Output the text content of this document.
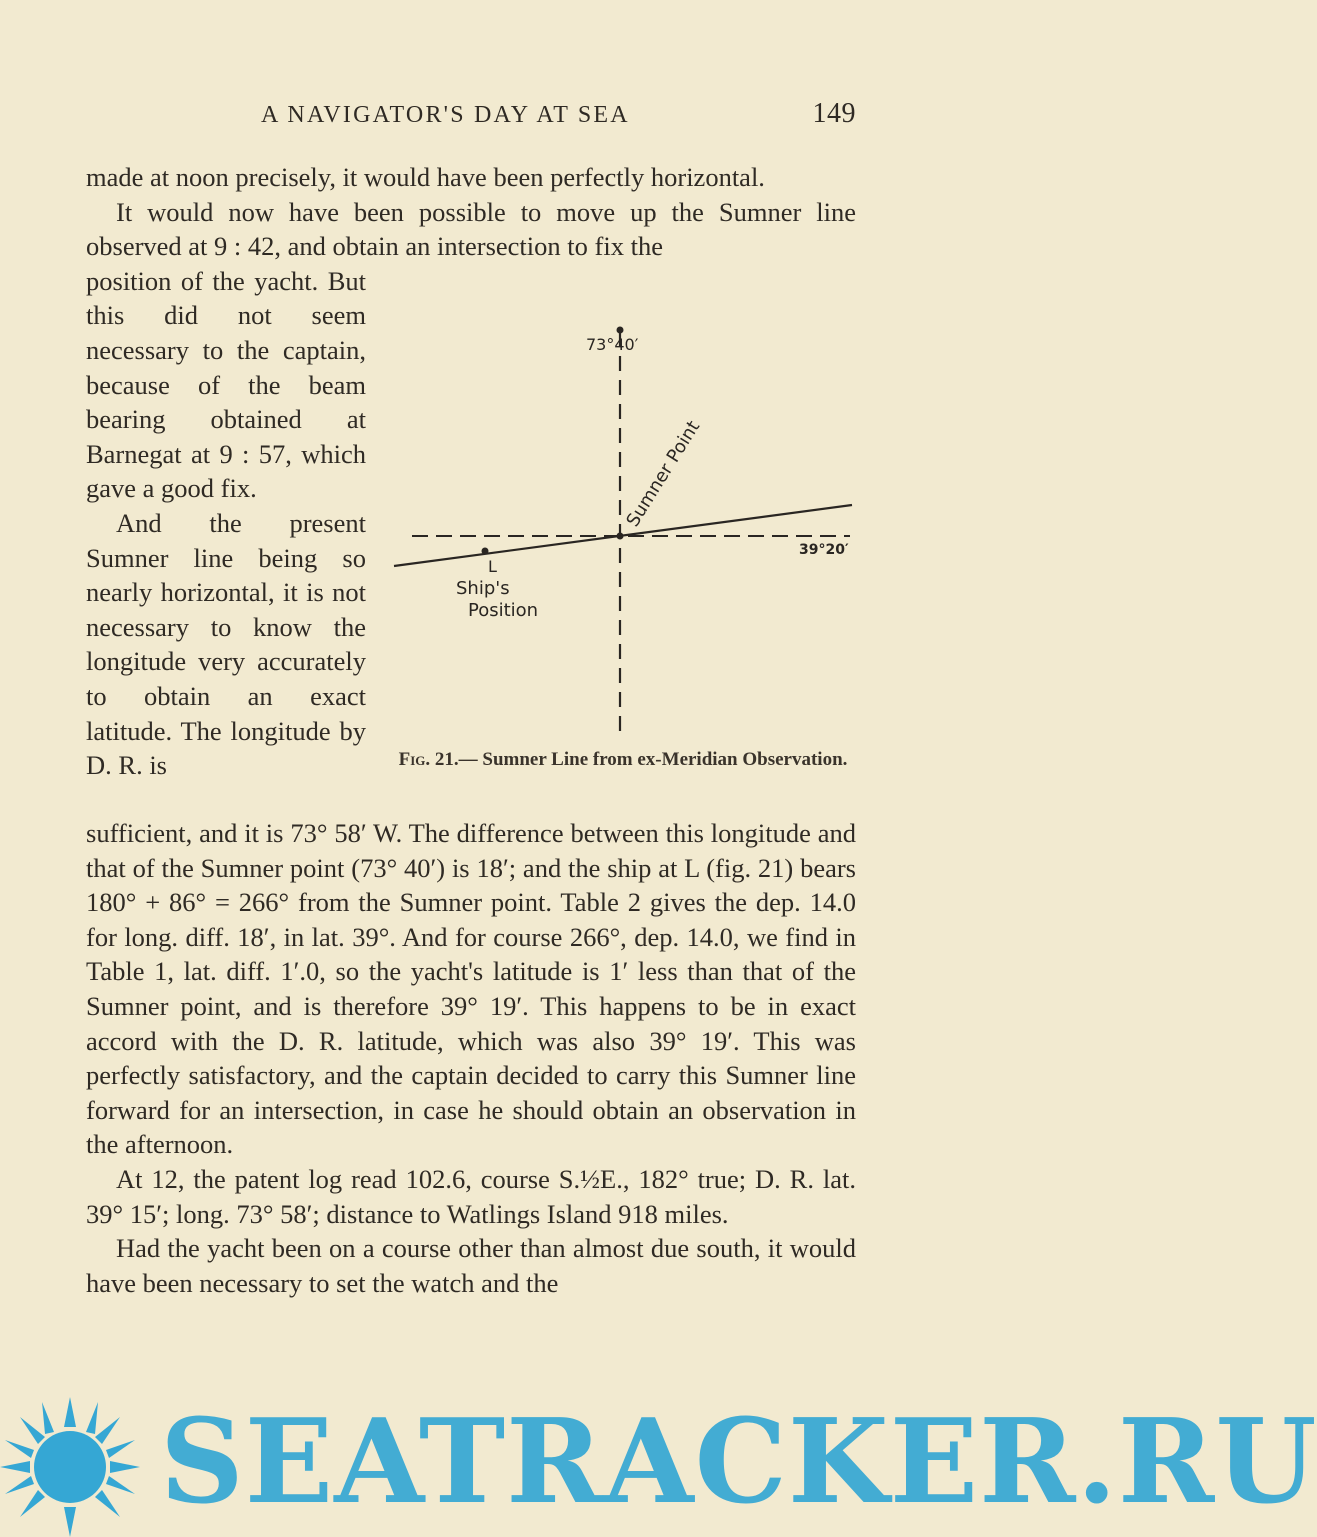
A NAVIGATOR'S DAY AT SEA	149

made at noon precisely, it would have been perfectly horizontal.

It would now have been possible to move up the Sumner line observed at 9 : 42, and obtain an intersection to fix the

position of the yacht. But this did not seem necessary to the captain, because of the beam bearing obtained at Barnegat at 9 : 57, which gave a good fix.

And the present Sumner line being so nearly horizontal, it is not necessary to know the longitude very accurately to obtain an exact latitude. The longitude by D. R. is

sufficient, and it is 73° 58′ W. The difference between this longitude and that of the Sumner point (73° 40′) is 18′; and the ship at L (fig. 21) bears 180° + 86° = 266° from the Sumner point. Table 2 gives the dep. 14.0 for long. diff. 18′, in lat. 39°. And for course 266°, dep. 14.0, we find in Table 1, lat. diff. 1′.0, so the yacht's latitude is 1′ less than that of the Sumner point, and is therefore 39° 19′. This happens to be in exact accord with the D. R. latitude, which was also 39° 19′. This was perfectly satisfactory, and the captain decided to carry this Sumner line forward for an intersection, in case he should obtain an observation in the afternoon.

At 12, the patent log read 102.6, course S.½E., 182° true; D. R. lat. 39° 15′; long. 73° 58′; distance to Watlings Island 918 miles.

Had the yacht been on a course other than almost due south, it would have been necessary to set the watch and the

73°40′
39°20′
Sumner Point
L
Ship's
Position
Fig. 21.— Sumner Line from ex-Meridian Observation.
SEATRACKER.RU
